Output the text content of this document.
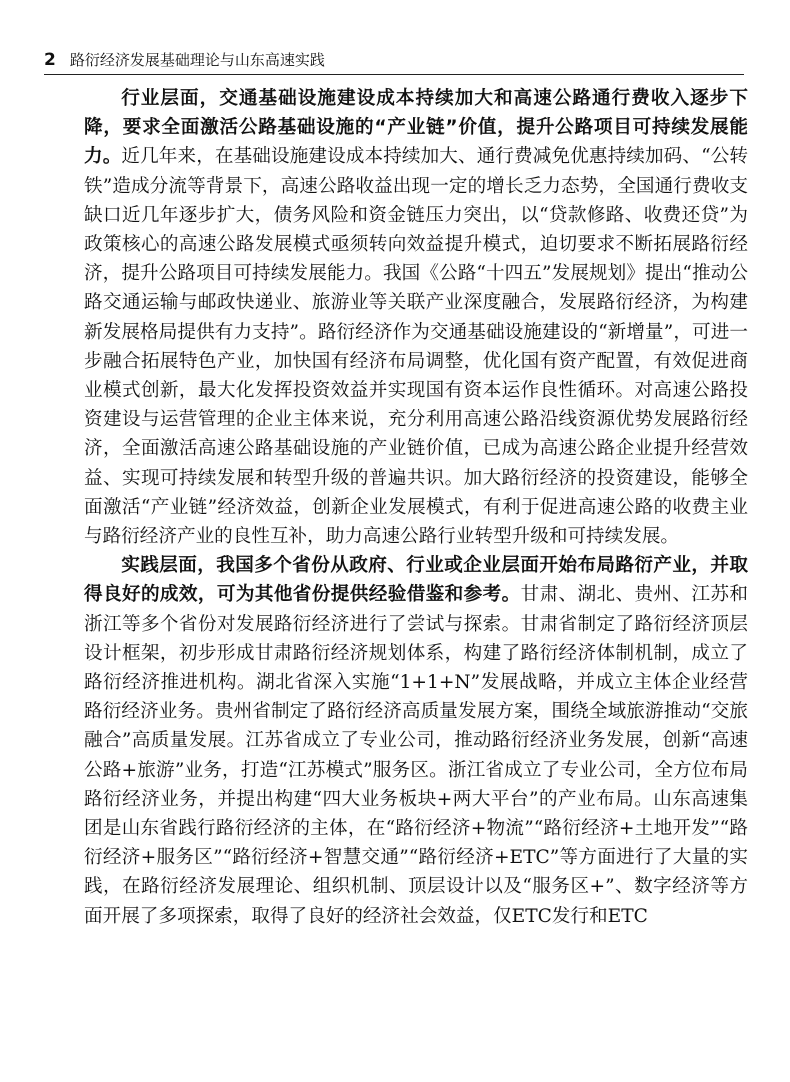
2 路衍经济发展基础理论与山东高速实践

行业层面，交通基础设施建设成本持续加大和高速公路通行费收入逐步下降，要求全面激活公路基础设施的“产业链”价值，提升公路项目可持续发展能力。近几年来，在基础设施建设成本持续加大、通行费减免优惠持续加码、“公转铁”造成分流等背景下，高速公路收益出现一定的增长乏力态势，全国通行费收支缺口近几年逐步扩大，债务风险和资金链压力突出，以“贷款修路、收费还贷”为政策核心的高速公路发展模式亟须转向效益提升模式，迫切要求不断拓展路衍经济，提升公路项目可持续发展能力。我国《公路“十四五”发展规划》提出“推动公路交通运输与邮政快递业、旅游业等关联产业深度融合，发展路衍经济，为构建新发展格局提供有力支持”。路衍经济作为交通基础设施建设的“新增量”，可进一步融合拓展特色产业，加快国有经济布局调整，优化国有资产配置，有效促进商业模式创新，最大化发挥投资效益并实现国有资本运作良性循环。对高速公路投资建设与运营管理的企业主体来说，充分利用高速公路沿线资源优势发展路衍经济，全面激活高速公路基础设施的产业链价值，已成为高速公路企业提升经营效益、实现可持续发展和转型升级的普遍共识。加大路衍经济的投资建设，能够全面激活“产业链”经济效益，创新企业发展模式，有利于促进高速公路的收费主业与路衍经济产业的良性互补，助力高速公路行业转型升级和可持续发展。

实践层面，我国多个省份从政府、行业或企业层面开始布局路衍产业，并取得良好的成效，可为其他省份提供经验借鉴和参考。甘肃、湖北、贵州、江苏和浙江等多个省份对发展路衍经济进行了尝试与探索。甘肃省制定了路衍经济顶层设计框架，初步形成甘肃路衍经济规划体系，构建了路衍经济体制机制，成立了路衍经济推进机构。湖北省深入实施“1+1+N”发展战略，并成立主体企业经营路衍经济业务。贵州省制定了路衍经济高质量发展方案，围绕全域旅游推动“交旅融合”高质量发展。江苏省成立了专业公司，推动路衍经济业务发展，创新“高速公路+旅游”业务，打造“江苏模式”服务区。浙江省成立了专业公司，全方位布局路衍经济业务，并提出构建“四大业务板块+两大平台”的产业布局。山东高速集团是山东省践行路衍经济的主体，在“路衍经济+物流”“路衍经济+土地开发”“路衍经济+服务区”“路衍经济+智慧交通”“路衍经济+ETC”等方面进行了大量的实践，在路衍经济发展理论、组织机制、顶层设计以及“服务区+”、数字经济等方面开展了多项探索，取得了良好的经济社会效益，仅ETC发行和ETC
